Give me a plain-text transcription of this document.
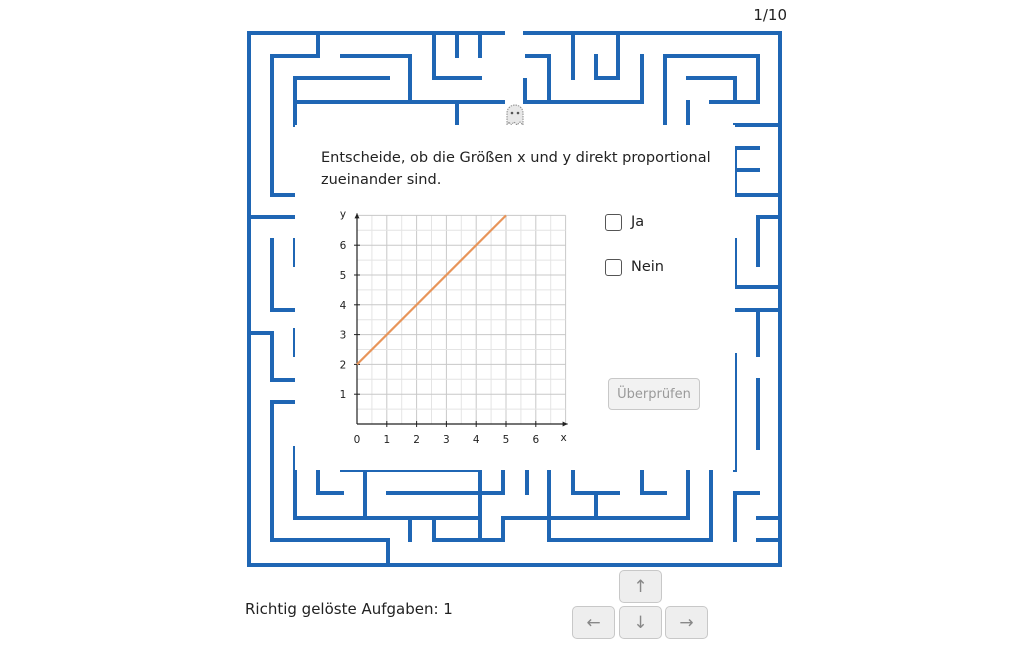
1/10
Entscheide, ob die Größen x und y direkt proportional zueinander sind.
0 1 2 3 4 5 6
1
2
3
4
5
6
x
y	Ja
Nein
Überprüfen
Richtig gelöste Aufgaben: 1
↑
←	↓	→
